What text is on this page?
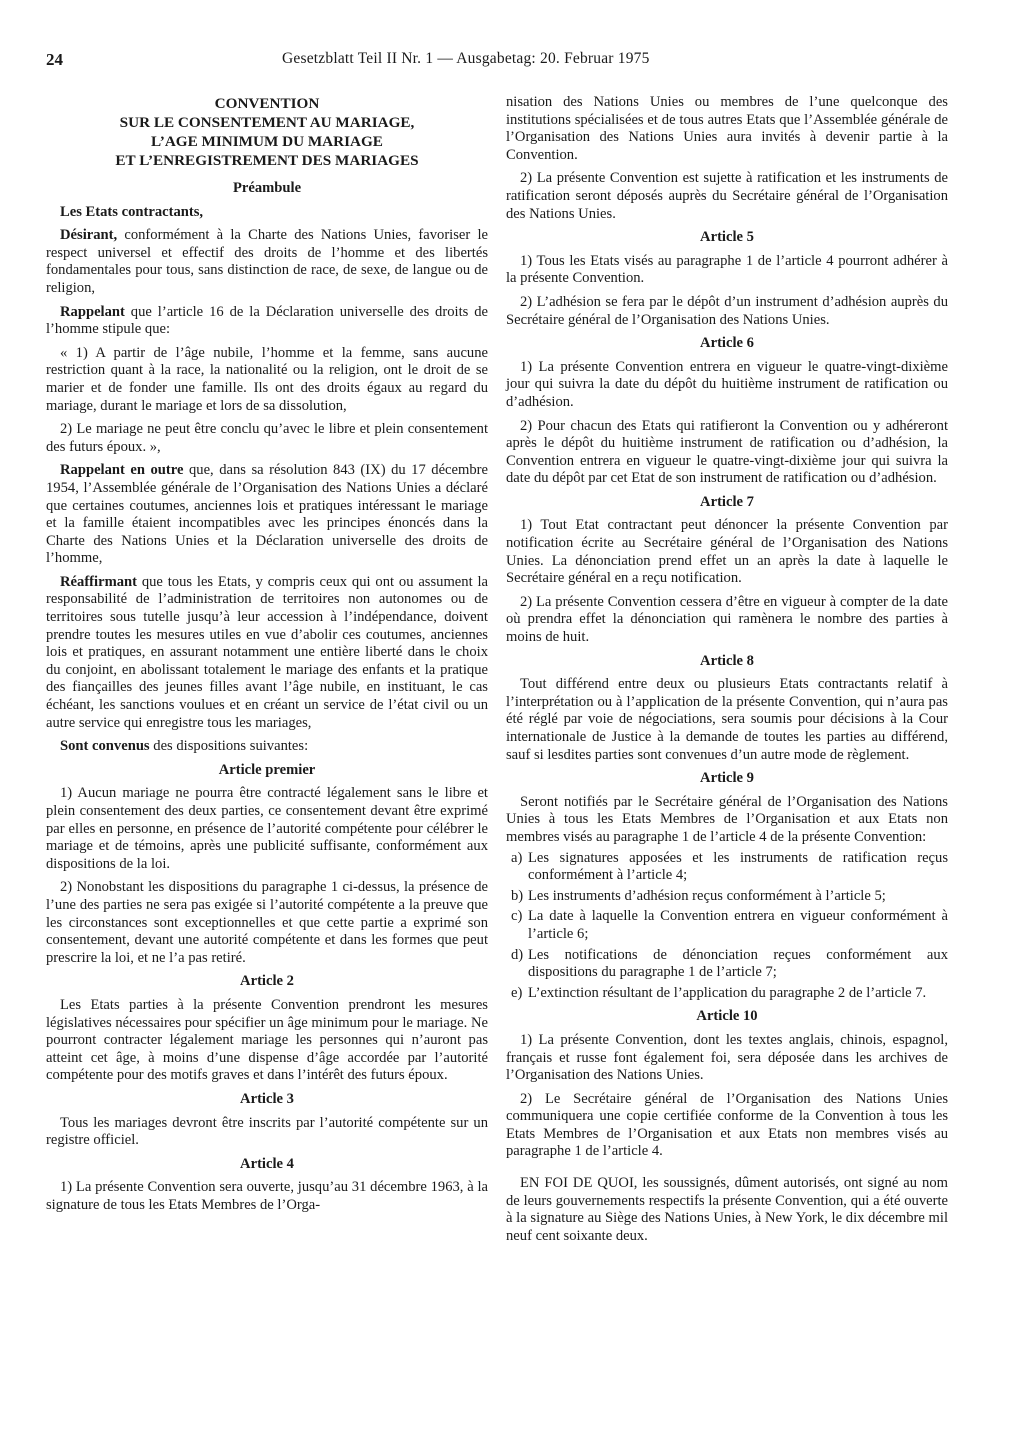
24	Gesetzblatt Teil II Nr. 1 — Ausgabetag: 20. Februar 1975
CONVENTION
SUR LE CONSENTEMENT AU MARIAGE,
L’AGE MINIMUM DU MARIAGE
ET L’ENREGISTREMENT DES MARIAGES
Préambule

Les Etats contractants,

Désirant, conformément à la Charte des Nations Unies, favoriser le respect universel et effectif des droits de l’homme et des libertés fondamentales pour tous, sans distinction de race, de sexe, de langue ou de religion,

Rappelant que l’article 16 de la Déclaration universelle des droits de l’homme stipule que:

« 1) A partir de l’âge nubile, l’homme et la femme, sans aucune restriction quant à la race, la nationalité ou la religion, ont le droit de se marier et de fonder une famille. Ils ont des droits égaux au regard du mariage, durant le mariage et lors de sa dissolution,

2) Le mariage ne peut être conclu qu’avec le libre et plein consentement des futurs époux. »,

Rappelant en outre que, dans sa résolution 843 (IX) du 17 décembre 1954, l’Assemblée générale de l’Organisation des Nations Unies a déclaré que certaines coutumes, anciennes lois et pratiques intéressant le mariage et la famille étaient incompatibles avec les principes énoncés dans la Charte des Nations Unies et la Déclaration universelle des droits de l’homme,

Réaffirmant que tous les Etats, y compris ceux qui ont ou assument la responsabilité de l’administration de territoires non autonomes ou de territoires sous tutelle jusqu’à leur accession à l’indépendance, doivent prendre toutes les mesures utiles en vue d’abolir ces coutumes, anciennes lois et pratiques, en assurant notamment une entière liberté dans le choix du conjoint, en abolissant totalement le mariage des enfants et la pratique des fiançailles des jeunes filles avant l’âge nubile, en instituant, le cas échéant, les sanctions voulues et en créant un service de l’état civil ou un autre service qui enregistre tous les mariages,

Sont convenus des dispositions suivantes:

Article premier

1) Aucun mariage ne pourra être contracté légalement sans le libre et plein consentement des deux parties, ce consentement devant être exprimé par elles en personne, en présence de l’autorité compétente pour célébrer le mariage et de témoins, après une publicité suffisante, conformément aux dispositions de la loi.

2) Nonobstant les dispositions du paragraphe 1 ci-dessus, la présence de l’une des parties ne sera pas exigée si l’autorité compétente a la preuve que les circonstances sont exceptionnelles et que cette partie a exprimé son consentement, devant une autorité compétente et dans les formes que peut prescrire la loi, et ne l’a pas retiré.

Article 2

Les Etats parties à la présente Convention prendront les mesures législatives nécessaires pour spécifier un âge minimum pour le mariage. Ne pourront contracter légalement mariage les personnes qui n’auront pas atteint cet âge, à moins d’une dispense d’âge accordée par l’autorité compétente pour des motifs graves et dans l’intérêt des futurs époux.

Article 3

Tous les mariages devront être inscrits par l’autorité compétente sur un registre officiel.

Article 4

1) La présente Convention sera ouverte, jusqu’au 31 décembre 1963, à la signature de tous les Etats Membres de l’Orga-

nisation des Nations Unies ou membres de l’une quelconque des institutions spécialisées et de tous autres Etats que l’Assemblée générale de l’Organisation des Nations Unies aura invités à devenir partie à la Convention.

2) La présente Convention est sujette à ratification et les instruments de ratification seront déposés auprès du Secrétaire général de l’Organisation des Nations Unies.

Article 5

1) Tous les Etats visés au paragraphe 1 de l’article 4 pourront adhérer à la présente Convention.

2) L’adhésion se fera par le dépôt d’un instrument d’adhésion auprès du Secrétaire général de l’Organisation des Nations Unies.

Article 6

1) La présente Convention entrera en vigueur le quatre-vingt-dixième jour qui suivra la date du dépôt du huitième instrument de ratification ou d’adhésion.

2) Pour chacun des Etats qui ratifieront la Convention ou y adhéreront après le dépôt du huitième instrument de ratification ou d’adhésion, la Convention entrera en vigueur le quatre-vingt-dixième jour qui suivra la date du dépôt par cet Etat de son instrument de ratification ou d’adhésion.

Article 7

1) Tout Etat contractant peut dénoncer la présente Convention par notification écrite au Secrétaire général de l’Organisation des Nations Unies. La dénonciation prend effet un an après la date à laquelle le Secrétaire général en a reçu notification.

2) La présente Convention cessera d’être en vigueur à compter de la date où prendra effet la dénonciation qui ramènera le nombre des parties à moins de huit.

Article 8

Tout différend entre deux ou plusieurs Etats contractants relatif à l’interprétation ou à l’application de la présente Convention, qui n’aura pas été réglé par voie de négociations, sera soumis pour décisions à la Cour internationale de Justice à la demande de toutes les parties au différend, sauf si lesdites parties sont convenues d’un autre mode de règlement.

Article 9

Seront notifiés par le Secrétaire général de l’Organisation des Nations Unies à tous les Etats Membres de l’Organisation et aux Etats non membres visés au paragraphe 1 de l’article 4 de la présente Convention:

a) Les signatures apposées et les instruments de ratification reçus conformément à l’article 4;
b) Les instruments d’adhésion reçus conformément à l’article 5;
c) La date à laquelle la Convention entrera en vigueur conformément à l’article 6;
d) Les notifications de dénonciation reçues conformément aux dispositions du paragraphe 1 de l’article 7;
e) L’extinction résultant de l’application du paragraphe 2 de l’article 7.
Article 10

1) La présente Convention, dont les textes anglais, chinois, espagnol, français et russe font également foi, sera déposée dans les archives de l’Organisation des Nations Unies.

2) Le Secrétaire général de l’Organisation des Nations Unies communiquera une copie certifiée conforme de la Convention à tous les Etats Membres de l’Organisation et aux Etats non membres visés au paragraphe 1 de l’article 4.

EN FOI DE QUOI, les soussignés, dûment autorisés, ont signé au nom de leurs gouvernements respectifs la présente Convention, qui a été ouverte à la signature au Siège des Nations Unies, à New York, le dix décembre mil neuf cent soixante deux.
